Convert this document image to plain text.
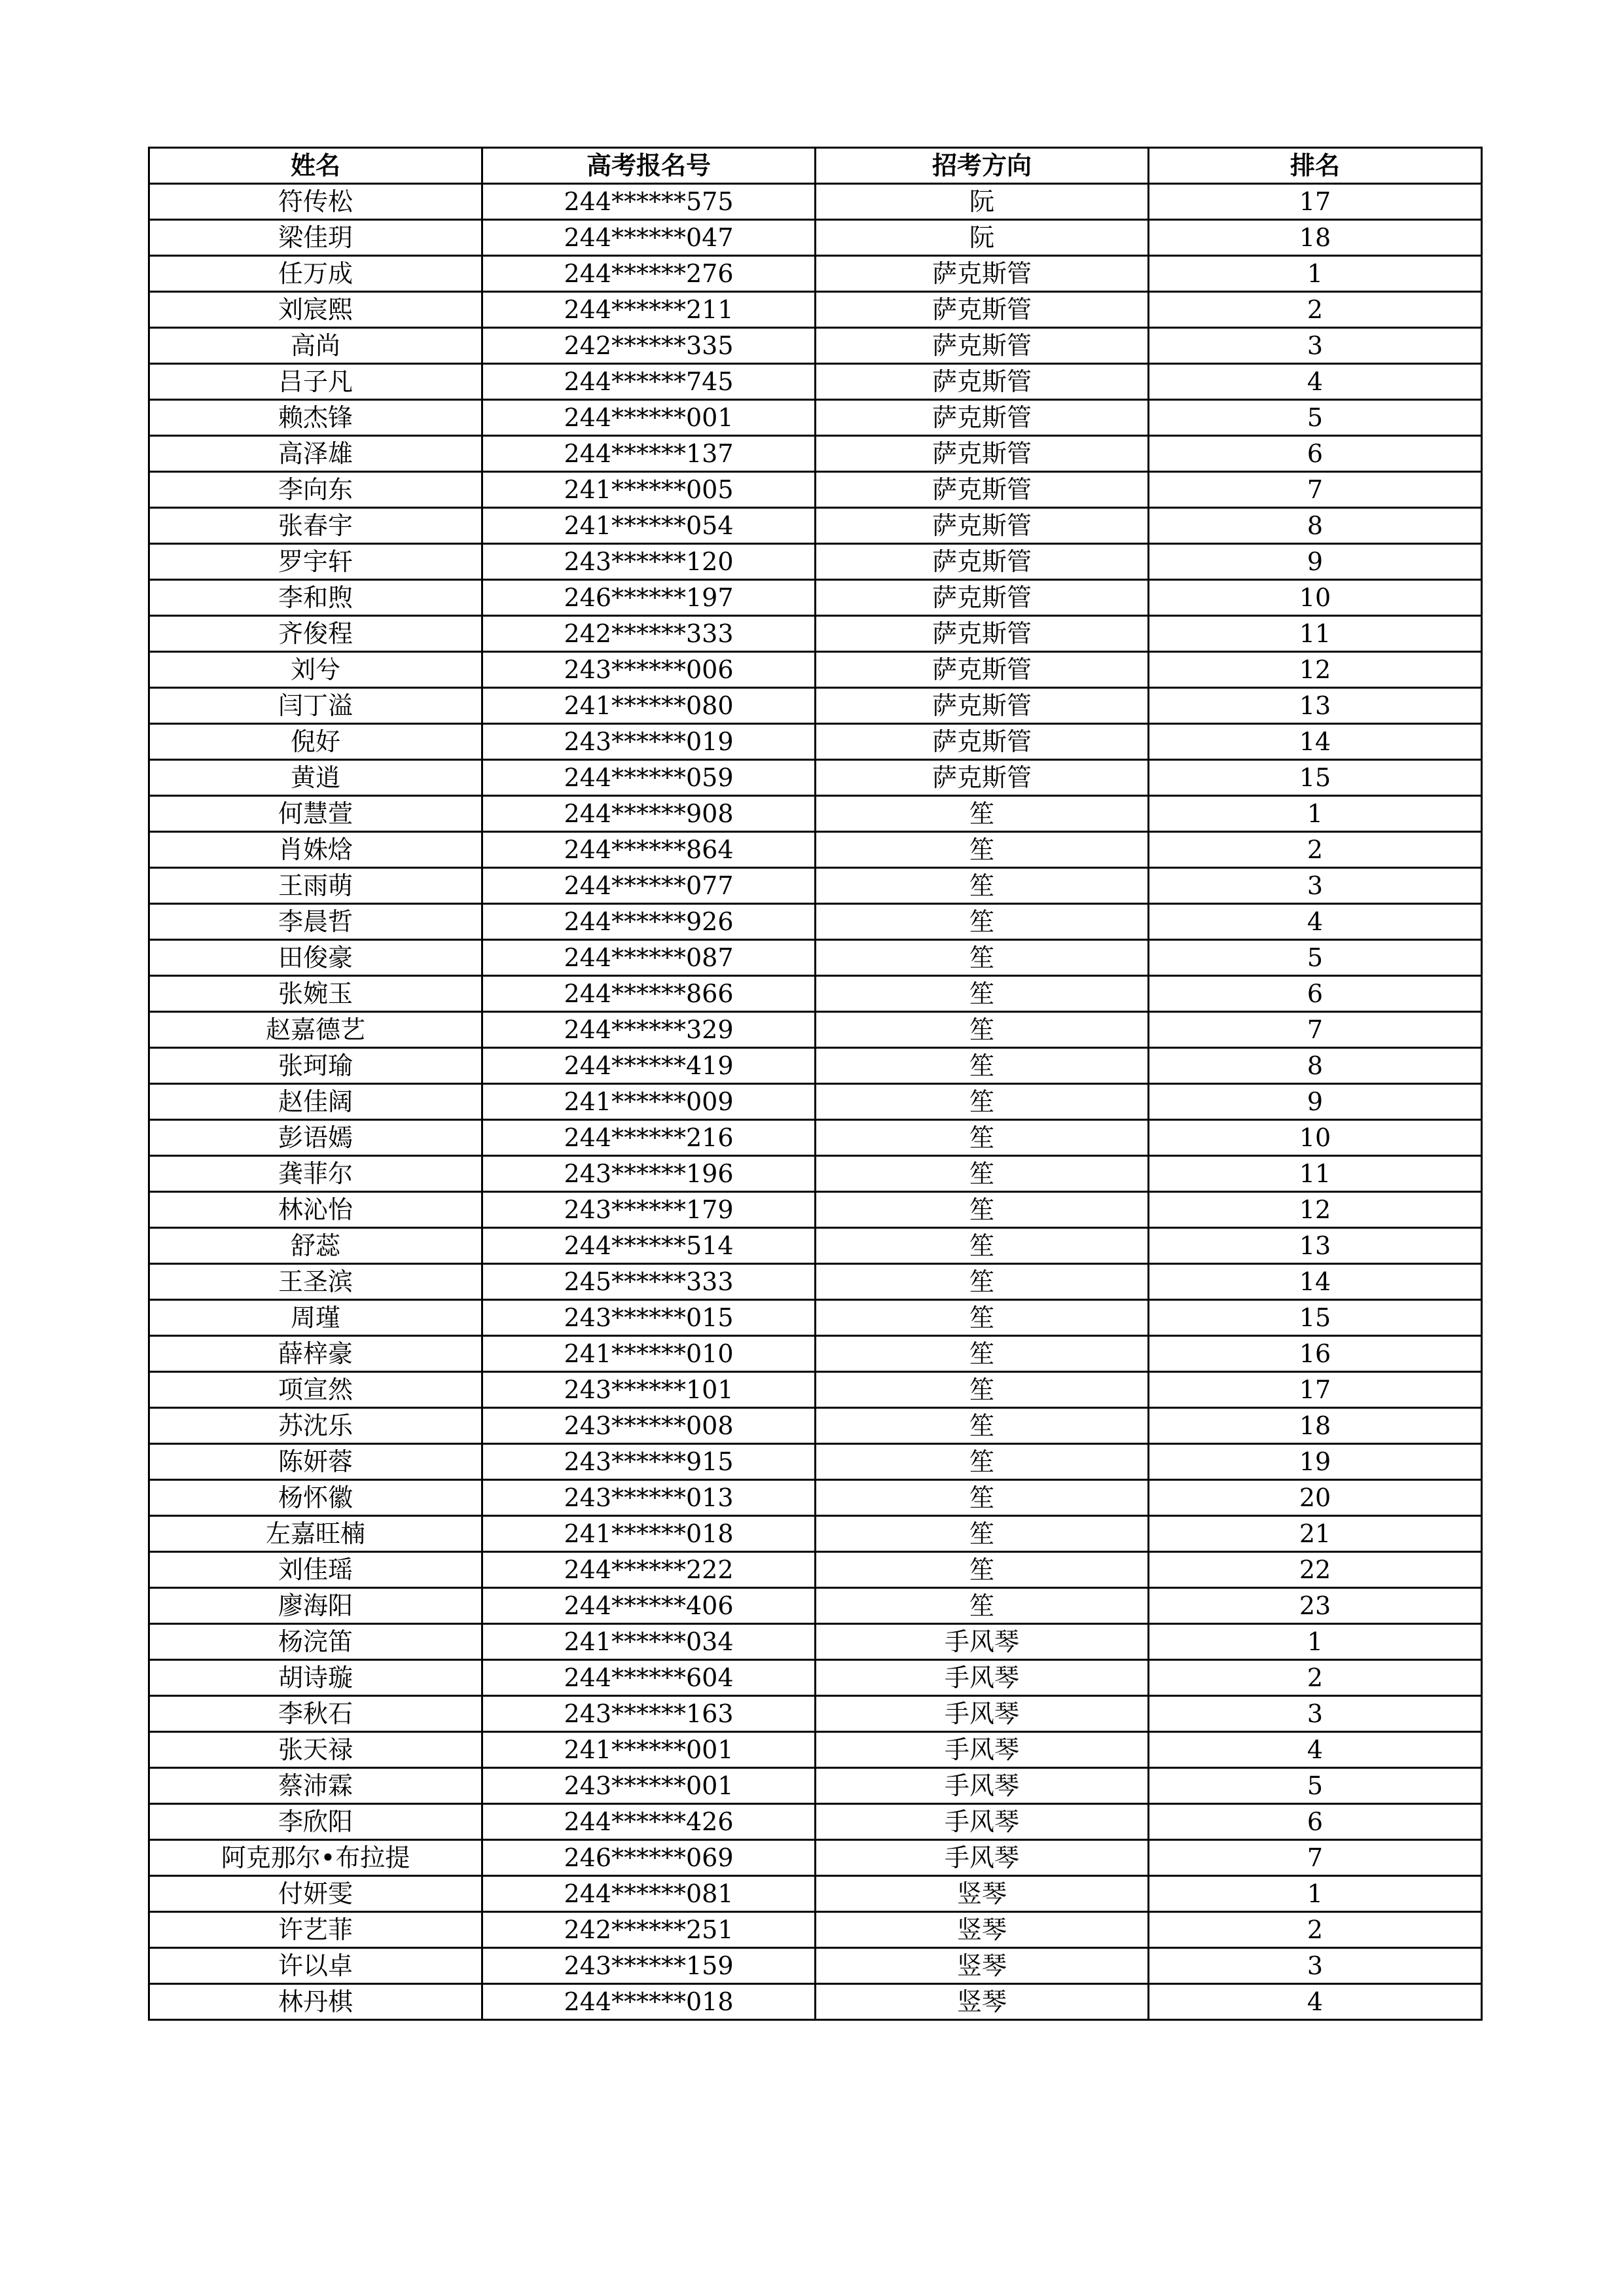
姓名	高考报名号	招考方向	排名
符传松	244******575	阮	17
梁佳玥	244******047	阮	18
任万成	244******276	萨克斯管	1
刘宸熙	244******211	萨克斯管	2
高尚	242******335	萨克斯管	3
吕子凡	244******745	萨克斯管	4
赖杰锋	244******001	萨克斯管	5
高泽雄	244******137	萨克斯管	6
李向东	241******005	萨克斯管	7
张春宇	241******054	萨克斯管	8
罗宇轩	243******120	萨克斯管	9
李和煦	246******197	萨克斯管	10
齐俊程	242******333	萨克斯管	11
刘兮	243******006	萨克斯管	12
闫丁溢	241******080	萨克斯管	13
倪好	243******019	萨克斯管	14
黄逍	244******059	萨克斯管	15
何慧萱	244******908	笙	1
肖姝焓	244******864	笙	2
王雨萌	244******077	笙	3
李晨哲	244******926	笙	4
田俊豪	244******087	笙	5
张婉玉	244******866	笙	6
赵嘉德艺	244******329	笙	7
张珂瑜	244******419	笙	8
赵佳阔	241******009	笙	9
彭语嫣	244******216	笙	10
龚菲尔	243******196	笙	11
林沁怡	243******179	笙	12
舒蕊	244******514	笙	13
王圣滨	245******333	笙	14
周瑾	243******015	笙	15
薛梓豪	241******010	笙	16
项宣然	243******101	笙	17
苏沈乐	243******008	笙	18
陈妍蓉	243******915	笙	19
杨怀徽	243******013	笙	20
左嘉旺楠	241******018	笙	21
刘佳瑶	244******222	笙	22
廖海阳	244******406	笙	23
杨浣笛	241******034	手风琴	1
胡诗璇	244******604	手风琴	2
李秋石	243******163	手风琴	3
张天禄	241******001	手风琴	4
蔡沛霖	243******001	手风琴	5
李欣阳	244******426	手风琴	6
阿克那尔•布拉提	246******069	手风琴	7
付妍雯	244******081	竖琴	1
许艺菲	242******251	竖琴	2
许以卓	243******159	竖琴	3
林丹棋	244******018	竖琴	4
